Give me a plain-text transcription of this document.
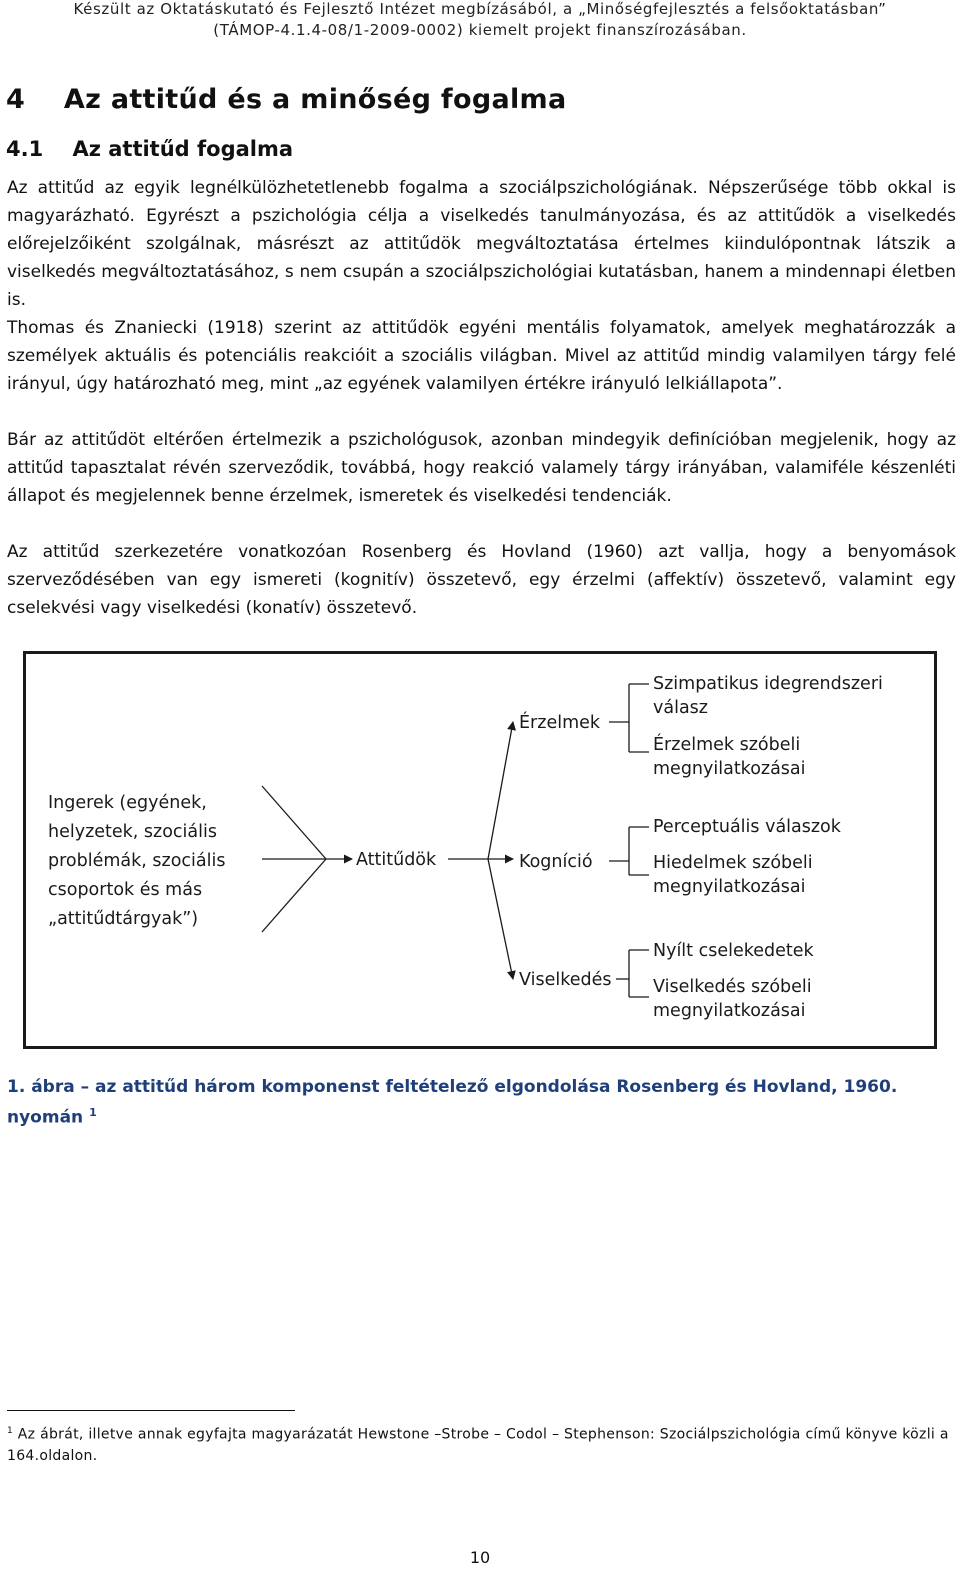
Készült az Oktatáskutató és Fejlesztő Intézet megbízásából, a „Minőségfejlesztés a felsőoktatásban”
(TÁMOP-4.1.4-08/1-2009-0002) kiemelt projekt finanszírozásában.
4 Az attitűd és a minőség fogalma
4.1 Az attitűd fogalma

Az attitűd az egyik legnélkülözhetetlenebb fogalma a szociálpszichológiának. Népszerűsége több okkal is magyarázható. Egyrészt a pszichológia célja a viselkedés tanulmányozása, és az attitűdök a viselkedés előrejelzőiként szolgálnak, másrészt az attitűdök megváltoztatása értelmes kiindulópontnak látszik a viselkedés megváltoztatásához, s nem csupán a szociálpszichológiai kutatásban, hanem a mindennapi életben is.

Thomas és Znaniecki (1918) szerint az attitűdök egyéni mentális folyamatok, amelyek meghatározzák a személyek aktuális és potenciális reakcióit a szociális világban. Mivel az attitűd mindig valamilyen tárgy felé irányul, úgy határozható meg, mint „az egyének valamilyen értékre irányuló lelkiállapota”.

Bár az attitűdöt eltérően értelmezik a pszichológusok, azonban mindegyik definícióban megjelenik, hogy az attitűd tapasztalat révén szerveződik, továbbá, hogy reakció valamely tárgy irányában, valamiféle készenléti állapot és megjelennek benne érzelmek, ismeretek és viselkedési tendenciák.

Az attitűd szerkezetére vonatkozóan Rosenberg és Hovland (1960) azt vallja, hogy a benyomások szerveződésében van egy ismereti (kognitív) összetevő, egy érzelmi (affektív) összetevő, valamint egy cselekvési vagy viselkedési (konatív) összetevő.

Ingerek (egyének,
helyzetek, szociális
problémák, szociális
csoportok és más
„attitűdtárgyak”)
Attitűdök
Érzelmek
Kogníció
Viselkedés
Szimpatikus idegrendszeri
válasz
Érzelmek szóbeli
megnyilatkozásai
Perceptuális válaszok
Hiedelmek szóbeli
megnyilatkozásai
Nyílt cselekedetek
Viselkedés szóbeli
megnyilatkozásai

1. ábra – az attitűd három komponenst feltételező elgondolása Rosenberg és Hovland, 1960. nyomán $^1$

$^1$ Az ábrát, illetve annak egyfajta magyarázatát Hewstone –Strobe – Codol – Stephenson: Szociálpszichológia című könyve közli a 164.oldalon.

10
